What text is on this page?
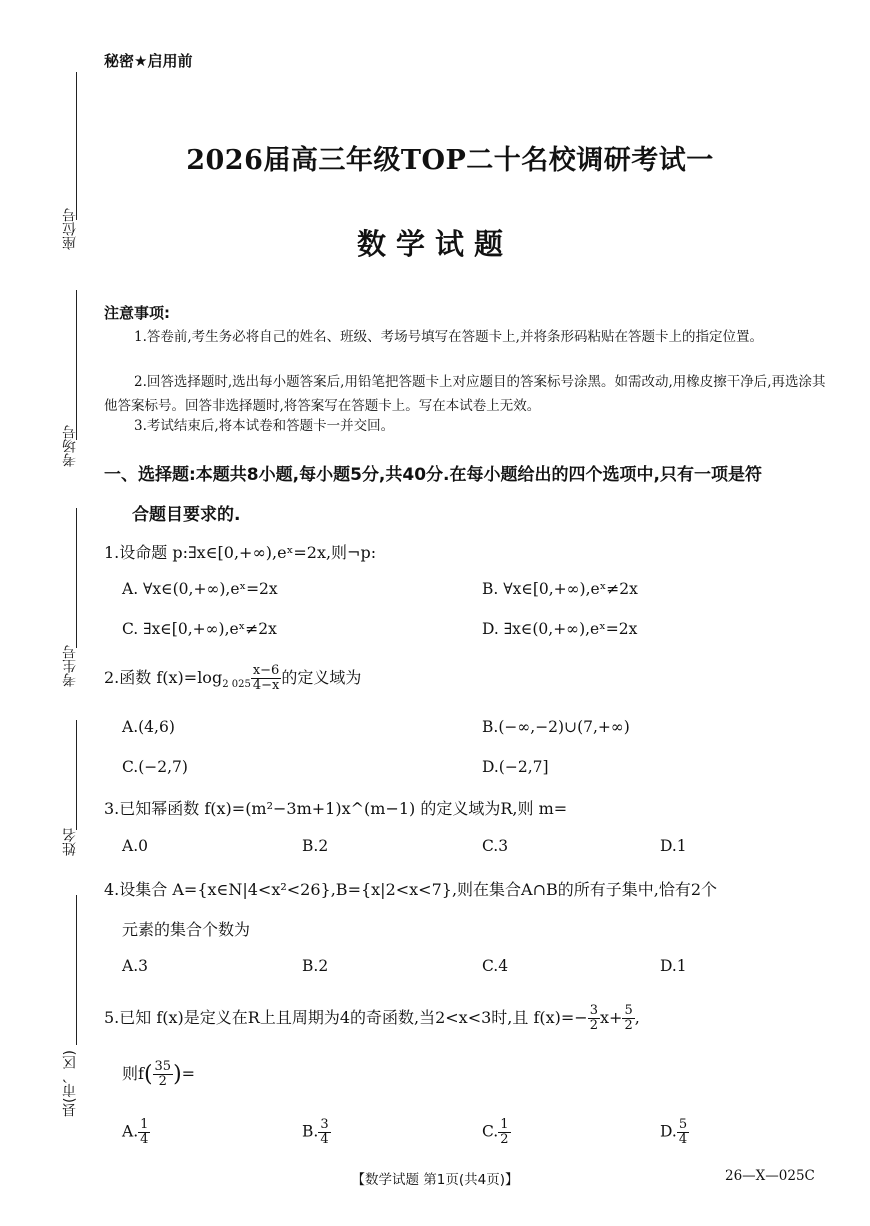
秘密★启用前
2026届高三年级TOP二十名校调研考试一
数学试题
座位号
考场号
考生号
姓名
县(市、区)
注意事项:
1.答卷前,考生务必将自己的姓名、班级、考场号填写在答题卡上,并将条形码粘贴在答题卡上的指定位置。
2.回答选择题时,选出每小题答案后,用铅笔把答题卡上对应题目的答案标号涂黑。如需改动,用橡皮擦干净后,再选涂其他答案标号。回答非选择题时,将答案写在答题卡上。写在本试卷上无效。
3.考试结束后,将本试卷和答题卡一并交回。
一、选择题:本题共8小题,每小题5分,共40分.在每小题给出的四个选项中,只有一项是符
合题目要求的.
1.设命题 p:∃x∈[0,+∞),eˣ=2x,则¬p:
A. ∀x∈(0,+∞),eˣ=2x	B. ∀x∈[0,+∞),eˣ≠2x
C. ∃x∈[0,+∞),eˣ≠2x	D. ∃x∈(0,+∞),eˣ=2x
2.函数 $f(x)=\log_{2 025} \frac{x-6}{4-x}$ 的定义域为
A.(4,6)	B.(−∞,−2)∪(7,+∞)
C.(−2,7)	D.(−2,7]
3.已知幂函数 f(x)=(m²−3m+1)x^(m−1) 的定义域为R,则 m=
A.0	B.2	C.3	D.1
4.设集合 A={x∈N|4<x²<26},B={x|2<x<7},则在集合A∩B的所有子集中,恰有2个
元素的集合个数为
A.3	B.2	C.4	D.1
5.已知 f(x)是定义在R上且周期为4的奇函数,当2<x<3时,且 $f(x)=- \frac{3}{2} x+ \frac{5}{2}$ ,
则$f( \frac{35}{2}$ )=
A. $\frac{1}{4}$	B. $\frac{3}{4}$	C. $\frac{1}{2}$	D. $\frac{5}{4}$
【数学试题 第1页(共4页)】	26—X—025C
